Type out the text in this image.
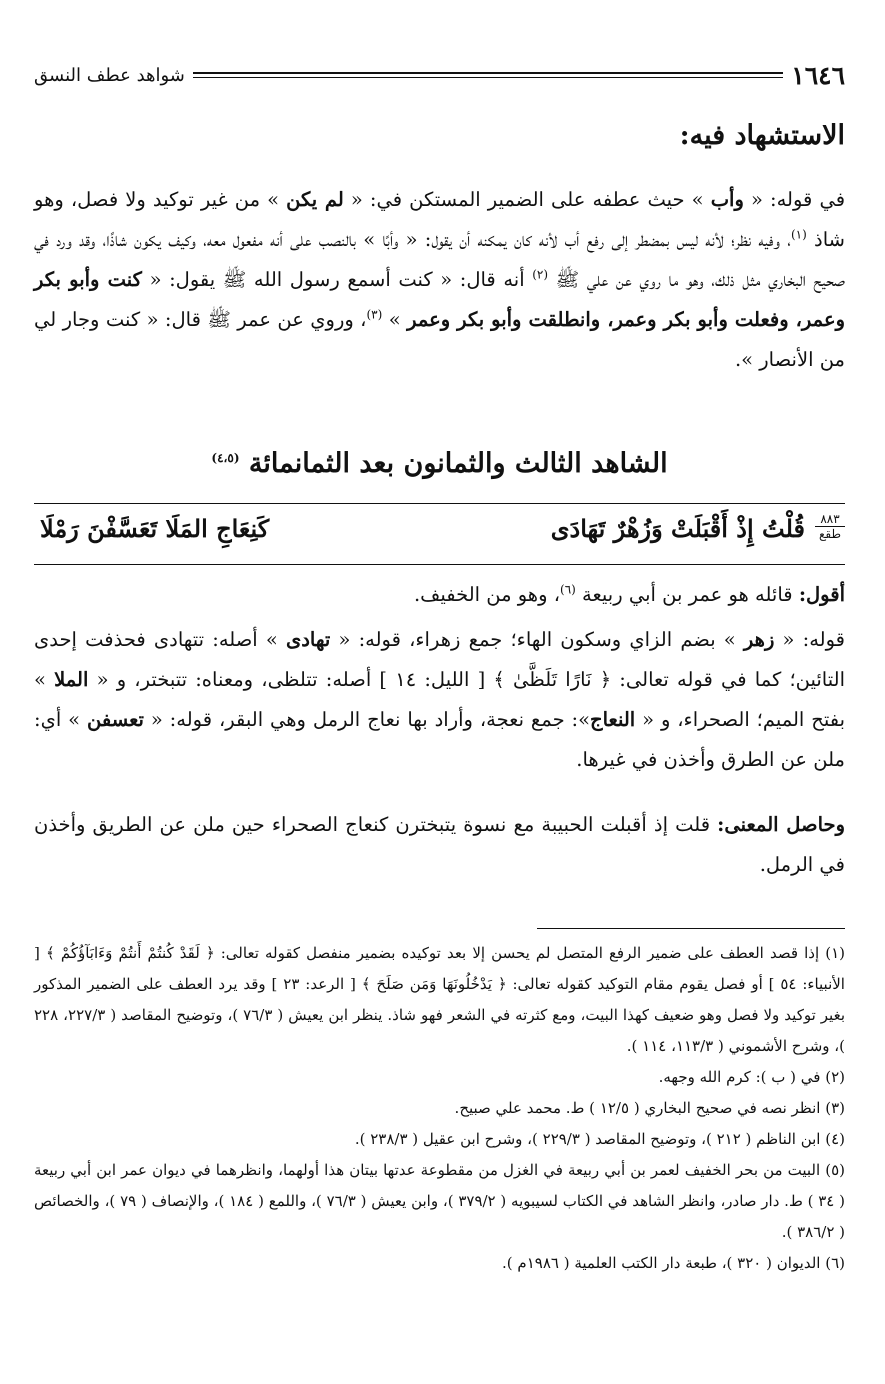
١٦٤٦
شواهد عطف النسق
الاستشهاد فيه:
في قوله: « وأب » حيث عطفه على الضمير المستكن في: « لم يكن » من غير توكيد ولا فصل، وهو شاذ $^{(١)}$، وفيه نظر؛ لأنه ليس بمضطر إلى رفع أب لأنه كان يمكنه أن يقول: « وأبًا » بالنصب على أنه مفعول معه، وكيف يكون شاذًا، وقد ورد في صحيح البخاري مثل ذلك، وهو ما روي عن علي ﷺ $^{(٢)}$ أنه قال: « كنت أسمع رسول الله ﷺ يقول: « كنت وأبو بكر وعمر، وفعلت وأبو بكر وعمر، وانطلقت وأبو بكر وعمر » $^{(٣)}$، وروي عن عمر ﷺ قال: « كنت وجار لي من الأنصار ».
الشاهد الثالث والثمانون بعد الثمانمائة $^{(٤،٥)}$
٨٨٣
طقع
قُلْتُ إِذْ أَقْبَلَتْ وَزُهْرٌ تَهَادَى
كَنِعَاجِ المَلَا تَعَسَّفْنَ رَمْلَا
أقول: قائله هو عمر بن أبي ربيعة $^{(٦)}$، وهو من الخفيف.
قوله: « زهر » بضم الزاي وسكون الهاء؛ جمع زهراء، قوله: « تهادى » أصله: تتهادى فحذفت إحدى التائين؛ كما في قوله تعالى: ﴿ نَارًا تَلَظَّىٰ ﴾ [ الليل: ١٤ ] أصله: تتلظى، ومعناه: تتبختر، و « الملا » بفتح الميم؛ الصحراء، و « النعاج»: جمع نعجة، وأراد بها نعاج الرمل وهي البقر، قوله: « تعسفن » أي: ملن عن الطرق وأخذن في غيرها.
وحاصل المعنى: قلت إذ أقبلت الحبيبة مع نسوة يتبخترن كنعاج الصحراء حين ملن عن الطريق وأخذن في الرمل.
(١) إذا قصد العطف على ضمير الرفع المتصل لم يحسن إلا بعد توكيده بضمير منفصل كقوله تعالى: ﴿ لَقَدْ كُنتُمْ أَنتُمْ وَءَابَآؤُكُمْ ﴾ [ الأنبياء: ٥٤ ] أو فصل يقوم مقام التوكيد كقوله تعالى: ﴿ يَدْخُلُونَهَا وَمَن صَلَحَ ﴾ [ الرعد: ٢٣ ] وقد يرد العطف على الضمير المذكور بغير توكيد ولا فصل وهو ضعيف كهذا البيت، ومع كثرته في الشعر فهو شاذ. ينظر ابن يعيش ( ٧٦/٣ )، وتوضيح المقاصد ( ٢٢٧/٣، ٢٢٨ )، وشرح الأشموني ( ١١٣/٣، ١١٤ ).
(٢) في ( ب ): كرم الله وجهه.
(٣) انظر نصه في صحيح البخاري ( ١٢/٥ ) ط. محمد علي صبيح.
(٤) ابن الناظم ( ٢١٢ )، وتوضيح المقاصد ( ٢٢٩/٣ )، وشرح ابن عقيل ( ٢٣٨/٣ ).
(٥) البيت من بحر الخفيف لعمر بن أبي ربيعة في الغزل من مقطوعة عدتها بيتان هذا أولهما، وانظرهما في ديوان عمر ابن أبي ربيعة ( ٣٤ ) ط. دار صادر، وانظر الشاهد في الكتاب لسيبويه ( ٣٧٩/٢ )، وابن يعيش ( ٧٦/٣ )، واللمع ( ١٨٤ )، والإنصاف ( ٧٩ )، والخصائص ( ٣٨٦/٢ ).
(٦) الديوان ( ٣٢٠ )، طبعة دار الكتب العلمية ( ١٩٨٦م ).
